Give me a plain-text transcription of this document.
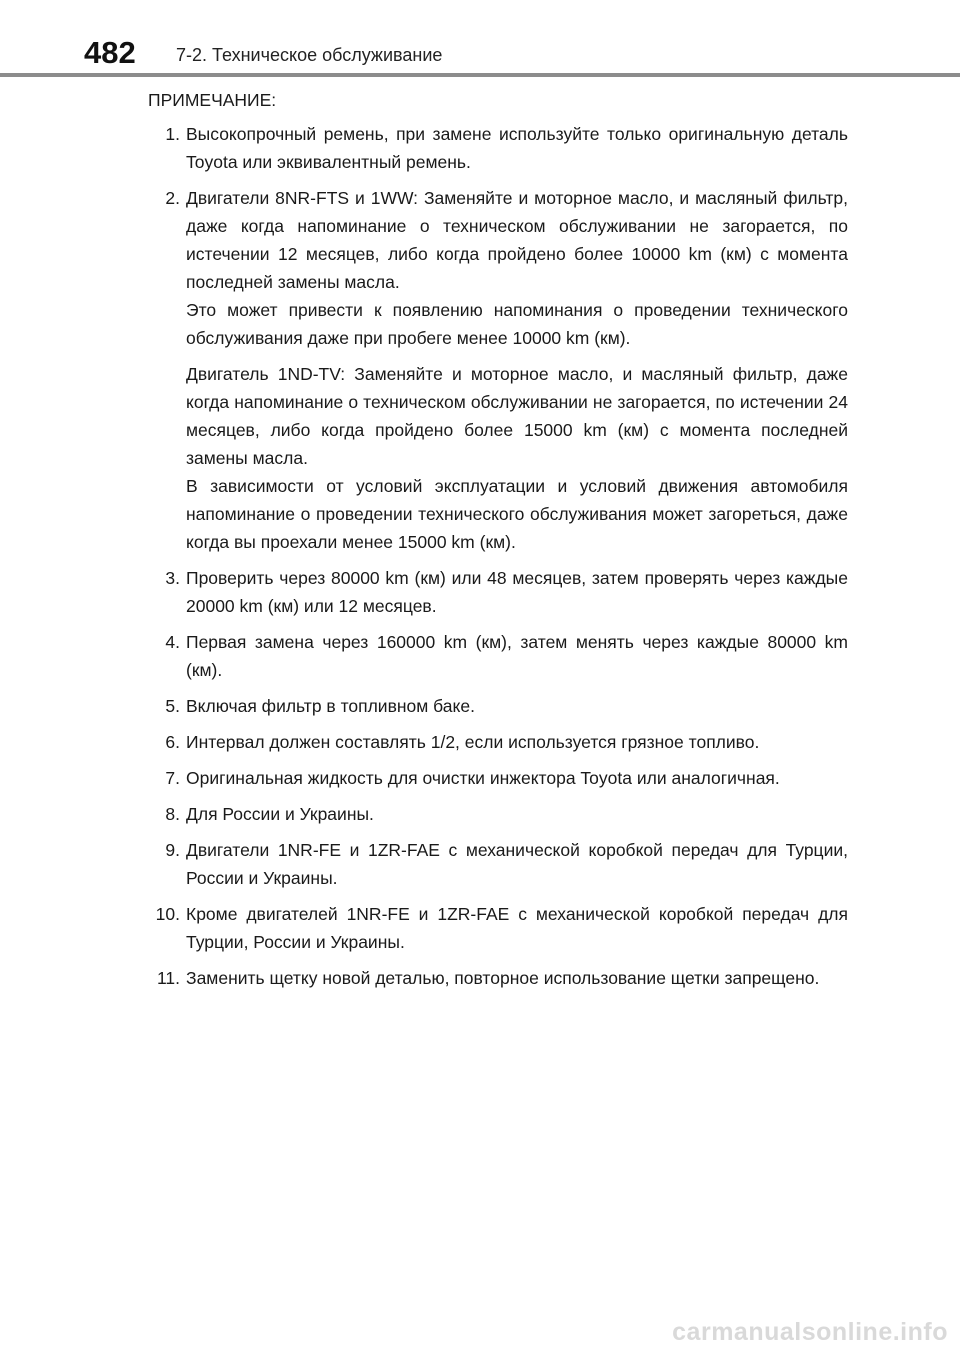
482 7-2. Техническое обслуживание
ПРИМЕЧАНИЕ:
1. Высокопрочный ремень, при замене используйте только оригинальную деталь Toyota или эквивалентный ремень.

2. Двигатели 8NR-FTS и 1WW: Заменяйте и моторное масло, и масляный фильтр, даже когда напоминание о техническом обслуживании не загорается, по истечении 12 месяцев, либо когда пройдено более 10000 km (км) с момента последней замены масла.

Это может привести к появлению напоминания о проведении технического обслуживания даже при пробеге менее 10000 km (км).

Двигатель 1ND-TV: Заменяйте и моторное масло, и масляный фильтр, даже когда напоминание о техническом обслуживании не загорается, по истечении 24 месяцев, либо когда пройдено более 15000 km (км) с момента последней замены масла.

В зависимости от условий эксплуатации и условий движения автомобиля напоминание о проведении технического обслуживания может загореться, даже когда вы проехали менее 15000 km (км).

3. Проверить через 80000 km (км) или 48 месяцев, затем проверять через каждые 20000 km (км) или 12 месяцев.

4. Первая замена через 160000 km (км), затем менять через каждые 80000 km (км).

5. Включая фильтр в топливном баке.

6. Интервал должен составлять 1/2, если используется грязное топливо.

7. Оригинальная жидкость для очистки инжектора Toyota или аналогичная.

8. Для России и Украины.

9. Двигатели 1NR-FE и 1ZR-FAE с механической коробкой передач для Турции, России и Украины.

10. Кроме двигателей 1NR-FE и 1ZR-FAE с механической коробкой передач для Турции, России и Украины.

11. Заменить щетку новой деталью, повторное использование щетки запрещено.

carmanualsonline.info
